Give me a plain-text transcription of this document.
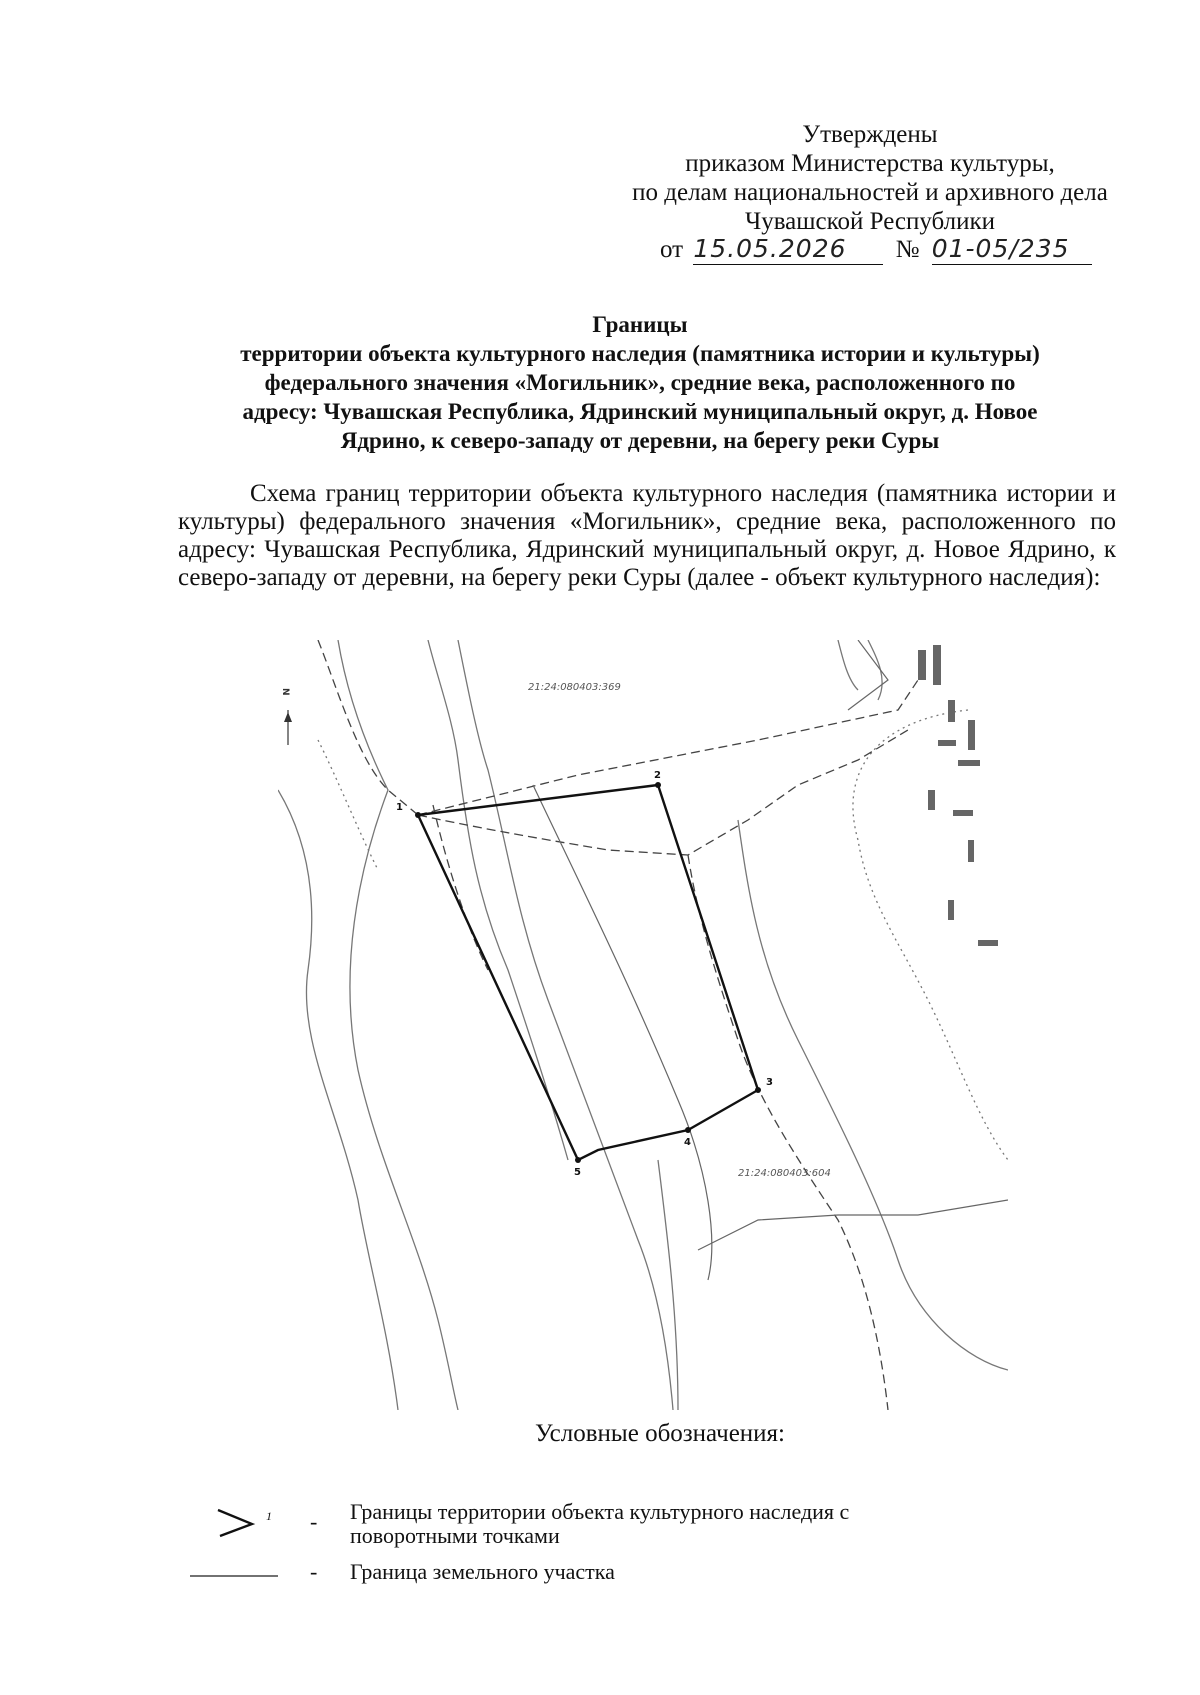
Утверждены
приказом Министерства культуры,
по делам национальностей и архивного дела
Чувашской Республики
от 15.05.2026 № 01-05/235
Границы
территории объекта культурного наследия (памятника истории и культуры)
федерального значения «Могильник», средние века, расположенного по
адресу: Чувашская Республика, Ядринский муниципальный округ, д. Новое
Ядрино, к северо-западу от деревни, на берегу реки Суры
Схема границ территории объекта культурного наследия (памятника истории и культуры) федерального значения «Могильник», средние века, расположенного по адресу: Чувашская Республика, Ядринский муниципальный округ, д. Новое Ядрино, к северо-западу от деревни, на берегу реки Суры (далее - объект культурного наследия):
1
2
3
4
5
21:24:080403:369
21:24:080403:604
N
Условные обозначения:
1 - Границы территории объекта культурного наследия с поворотными точками
- Граница земельного участка
